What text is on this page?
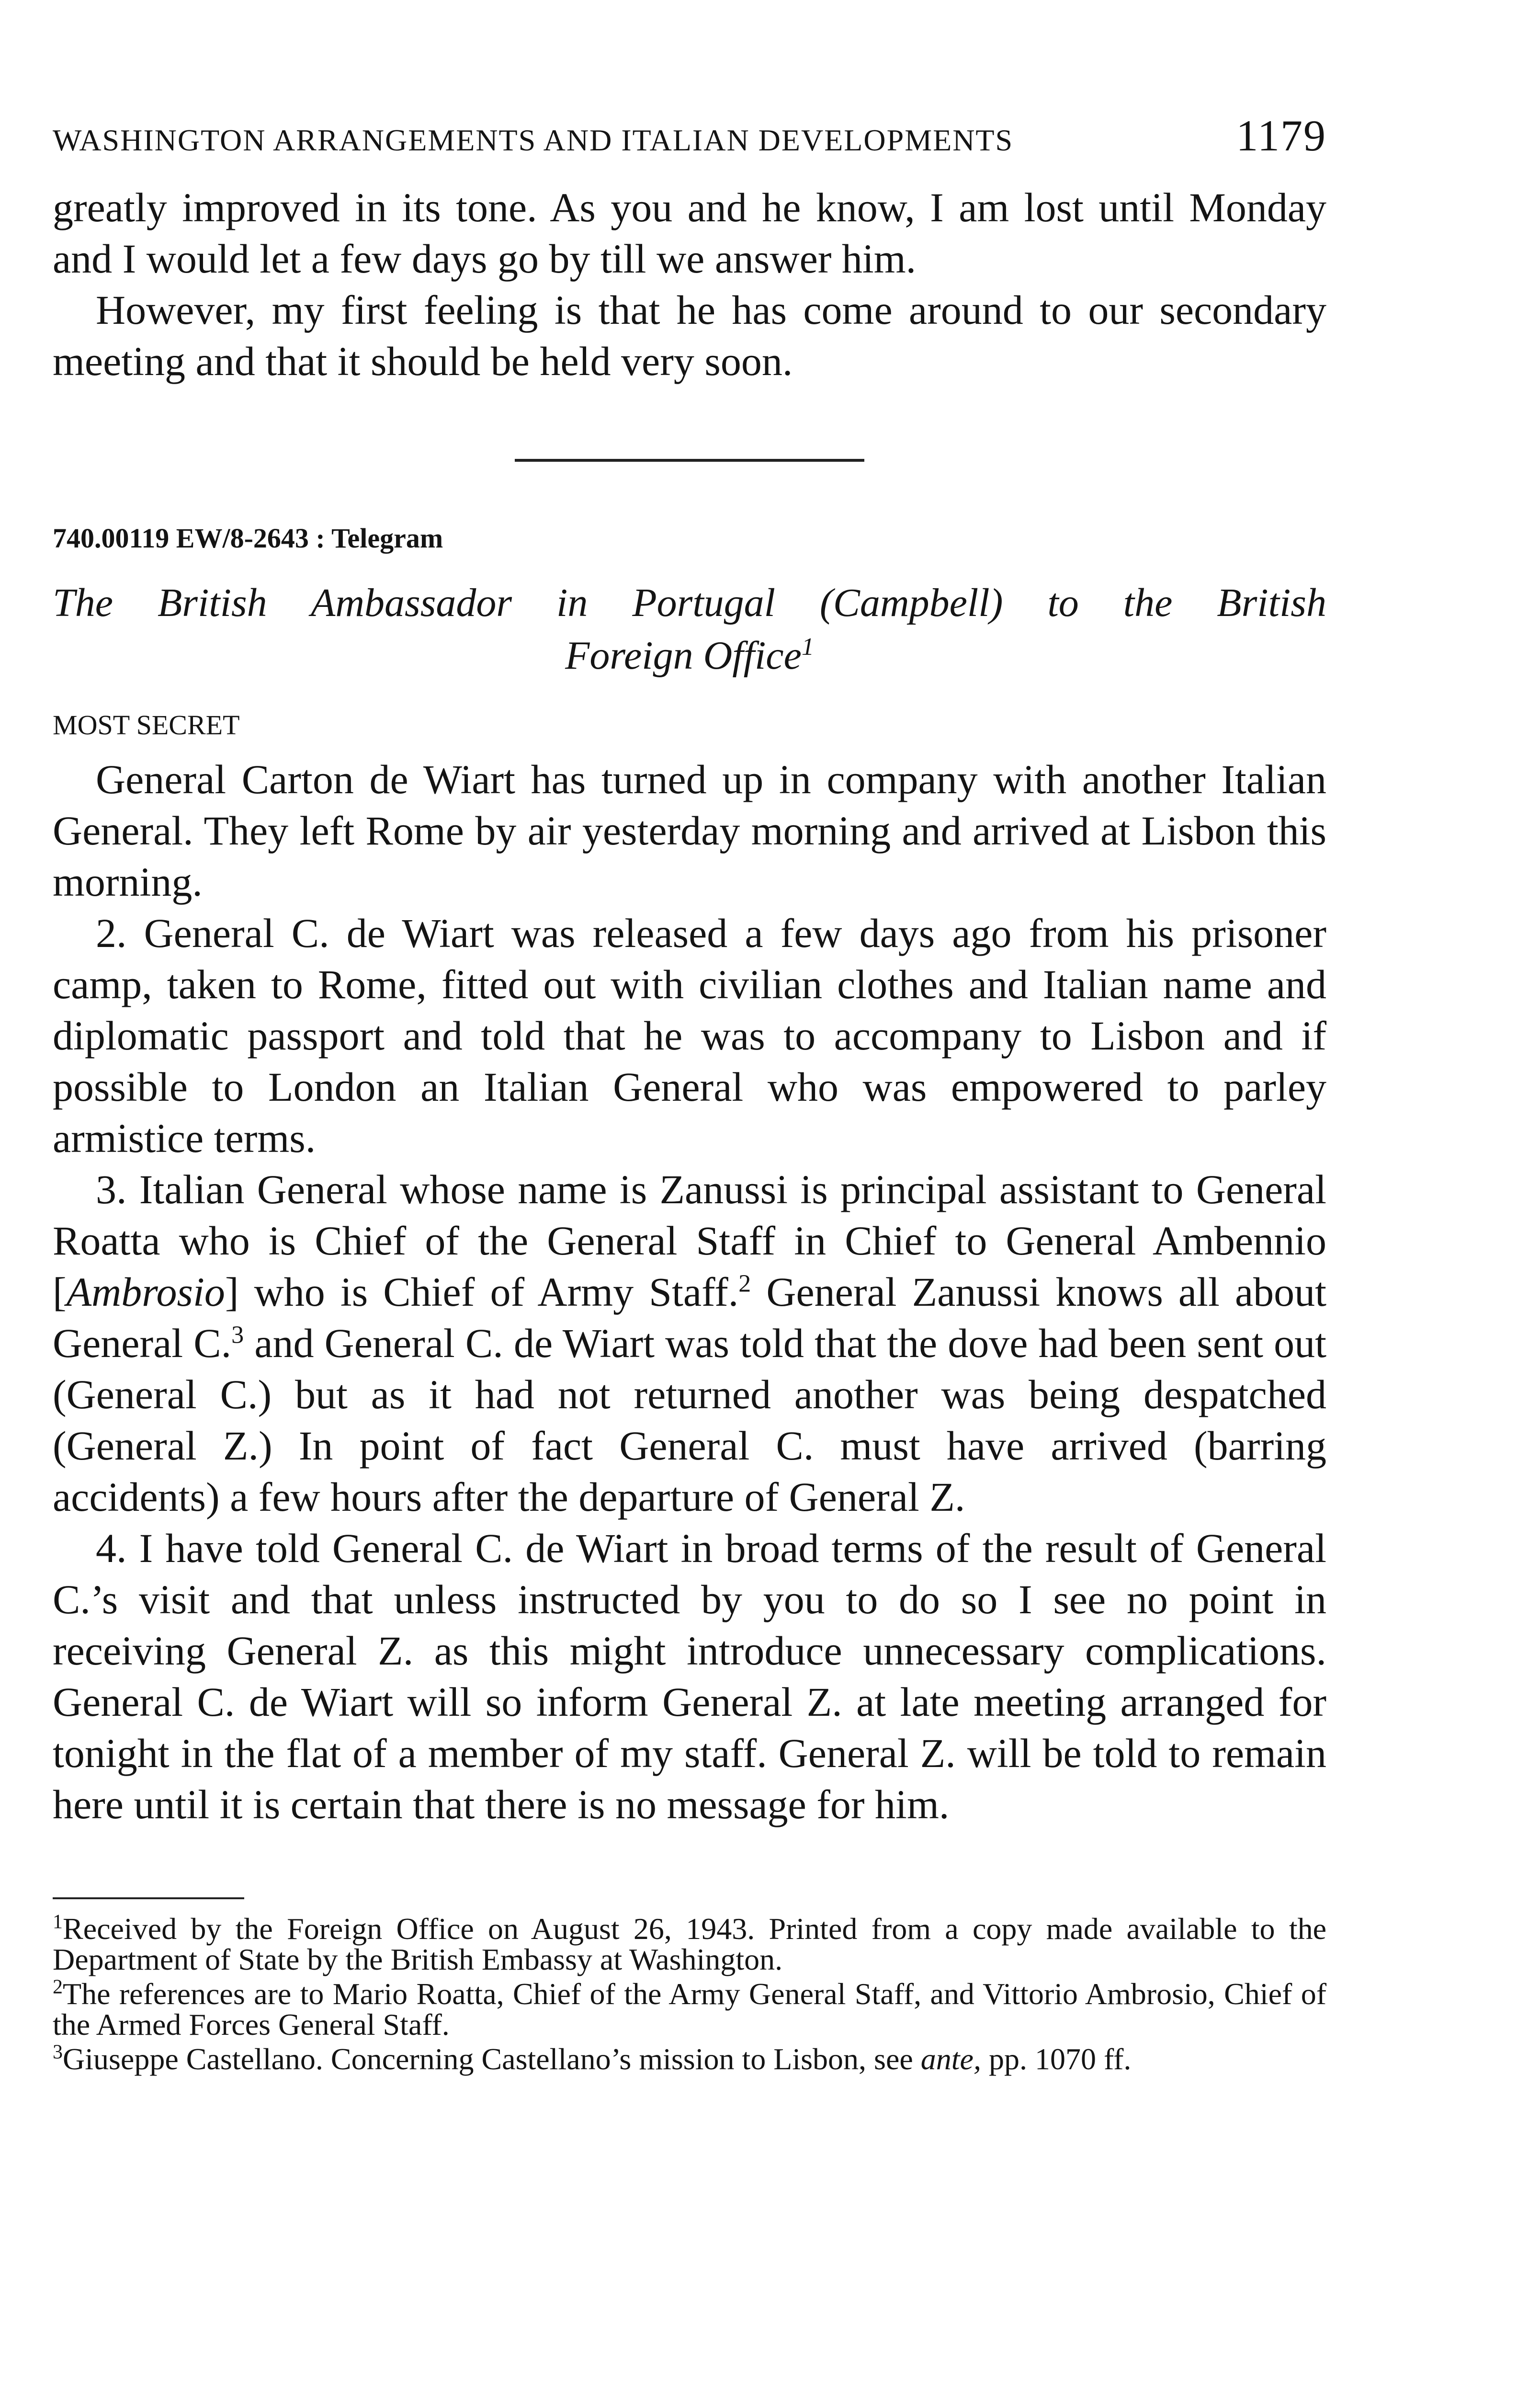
WASHINGTON ARRANGEMENTS AND ITALIAN DEVELOPMENTS	1179

greatly improved in its tone. As you and he know, I am lost until Monday and I would let a few days go by till we answer him.

However, my first feeling is that he has come around to our secondary meeting and that it should be held very soon.

740.00119 EW/8-2643 : Telegram
The British Ambassador in Portugal (Campbell) to the British
Foreign Office$^1$
MOST SECRET

General Carton de Wiart has turned up in company with another Italian General. They left Rome by air yesterday morning and arrived at Lisbon this morning.

2. General C. de Wiart was released a few days ago from his prisoner camp, taken to Rome, fitted out with civilian clothes and Italian name and diplomatic passport and told that he was to accompany to Lisbon and if possible to London an Italian General who was empowered to parley armistice terms.

3. Italian General whose name is Zanussi is principal assistant to General Roatta who is Chief of the General Staff in Chief to General Ambennio [Ambrosio] who is Chief of Army Staff.$^2$ General Zanussi knows all about General C.$^3$ and General C. de Wiart was told that the dove had been sent out (General C.) but as it had not returned another was being despatched (General Z.) In point of fact General C. must have arrived (barring accidents) a few hours after the departure of General Z.

4. I have told General C. de Wiart in broad terms of the result of General C.’s visit and that unless instructed by you to do so I see no point in receiving General Z. as this might introduce unnecessary complications. General C. de Wiart will so inform General Z. at late meeting arranged for tonight in the flat of a member of my staff. General Z. will be told to remain here until it is certain that there is no message for him.

$^1$Received by the Foreign Office on August 26, 1943. Printed from a copy made available to the Department of State by the British Embassy at Washington.
$^2$The references are to Mario Roatta, Chief of the Army General Staff, and Vittorio Ambrosio, Chief of the Armed Forces General Staff.
$^3$Giuseppe Castellano. Concerning Castellano’s mission to Lisbon, see ante, pp. 1070 ff.
